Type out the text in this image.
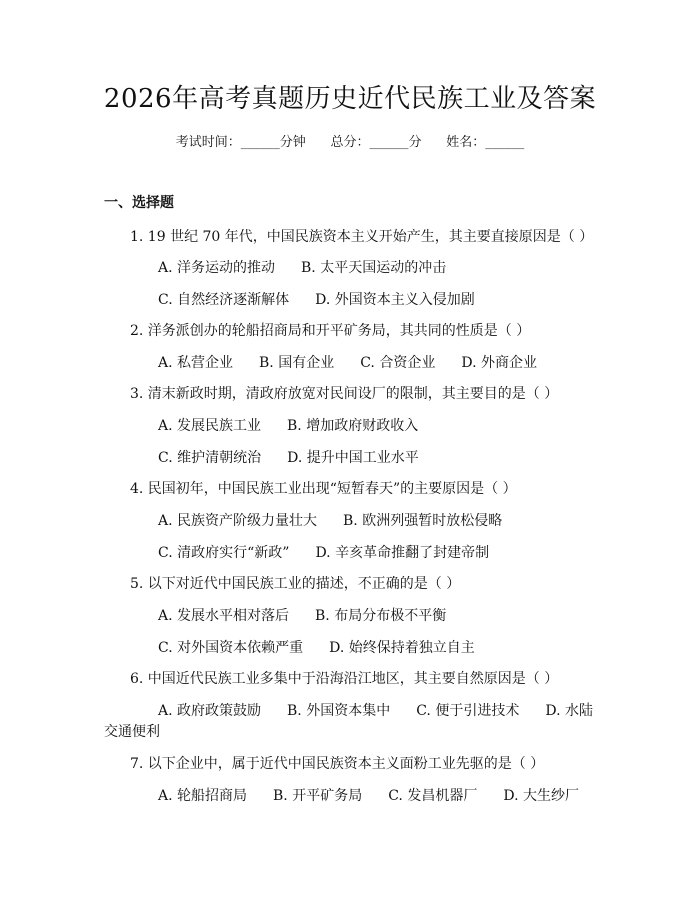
2026年高考真题历史近代民族工业及答案
考试时间：______分钟      总分：______分      姓名：______
一、选择题
1. 19 世纪 70 年代，中国民族资本主义开始产生，其主要直接原因是（ ）
A. 洋务运动的推动 B. 太平天国运动的冲击
C. 自然经济逐渐解体 D. 外国资本主义入侵加剧
2. 洋务派创办的轮船招商局和开平矿务局，其共同的性质是（ ）
A. 私营企业 B. 国有企业 C. 合资企业 D. 外商企业
3. 清末新政时期，清政府放宽对民间设厂的限制，其主要目的是（ ）
A. 发展民族工业 B. 增加政府财政收入
C. 维护清朝统治 D. 提升中国工业水平
4. 民国初年，中国民族工业出现“短暂春天”的主要原因是（ ）
A. 民族资产阶级力量壮大 B. 欧洲列强暂时放松侵略
C. 清政府实行“新政” D. 辛亥革命推翻了封建帝制
5. 以下对近代中国民族工业的描述，不正确的是（ ）
A. 发展水平相对落后 B. 布局分布极不平衡
C. 对外国资本依赖严重 D. 始终保持着独立自主
6. 中国近代民族工业多集中于沿海沿江地区，其主要自然原因是（ ）
A. 政府政策鼓励 B. 外国资本集中 C. 便于引进技术 D. 水陆
交通便利
7. 以下企业中，属于近代中国民族资本主义面粉工业先驱的是（ ）
A. 轮船招商局 B. 开平矿务局 C. 发昌机器厂 D. 大生纱厂
